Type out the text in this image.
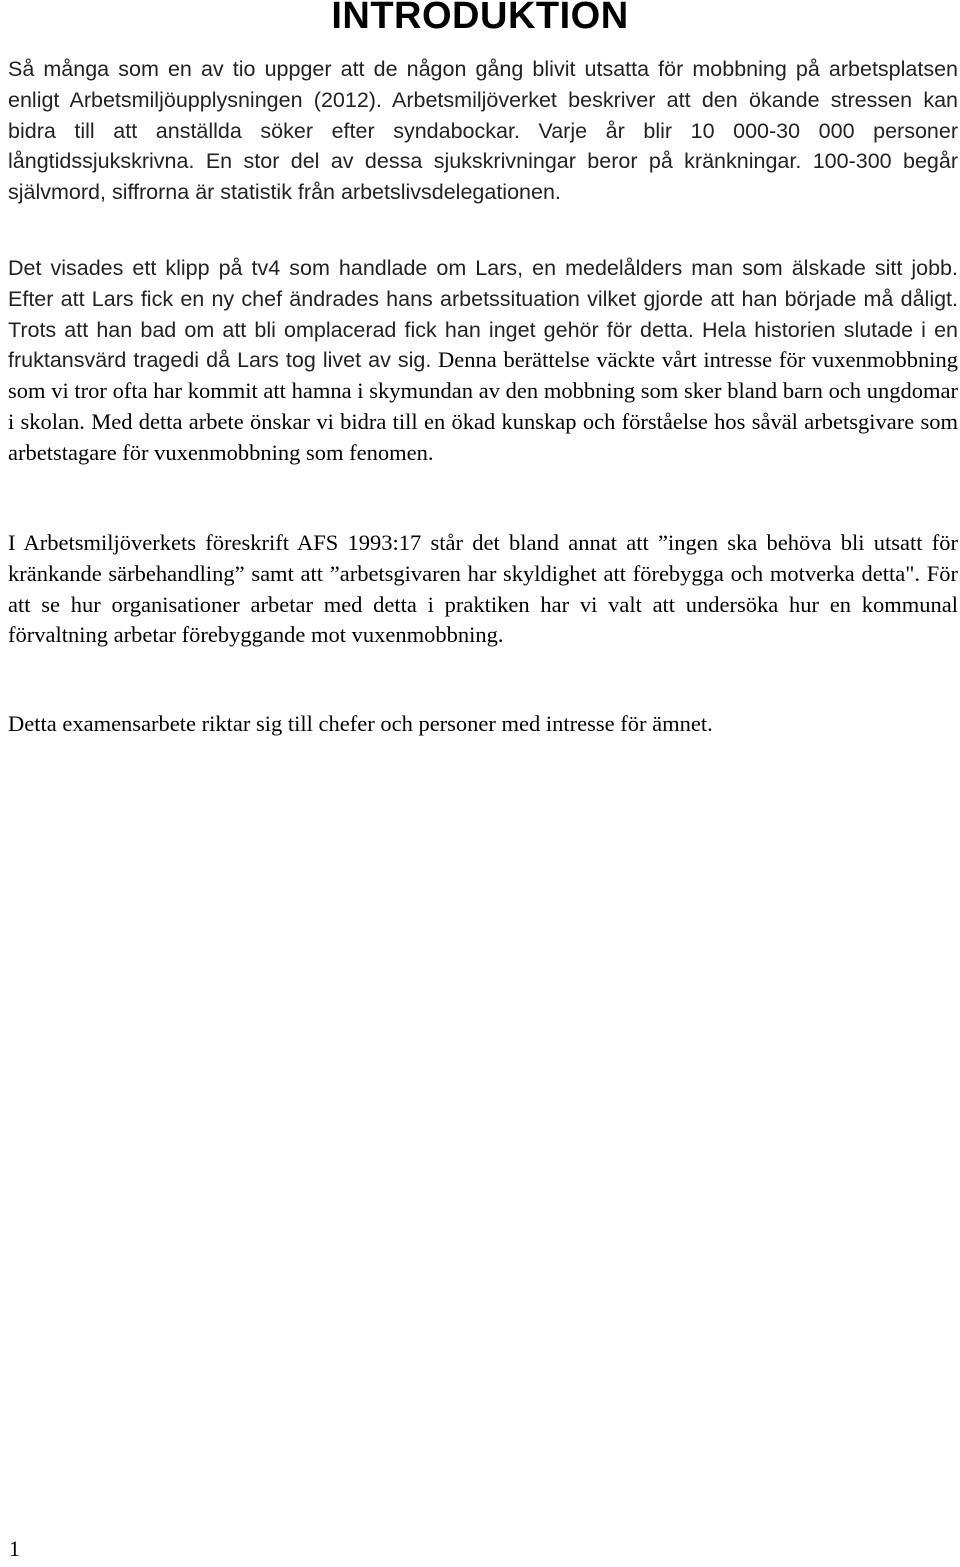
INTRODUKTION

Så många som en av tio uppger att de någon gång blivit utsatta för mobbning på arbetsplatsen enligt Arbetsmiljöupplysningen (2012). Arbetsmiljöverket beskriver att den ökande stressen kan bidra till att anställda söker efter syndabockar. Varje år blir 10 000-30 000 personer långtidssjukskrivna. En stor del av dessa sjukskrivningar beror på kränkningar. 100-300 begår självmord, siffrorna är statistik från arbetslivsdelegationen.

Det visades ett klipp på tv4 som handlade om Lars, en medelålders man som älskade sitt jobb. Efter att Lars fick en ny chef ändrades hans arbetssituation vilket gjorde att han började må dåligt. Trots att han bad om att bli omplacerad fick han inget gehör för detta. Hela historien slutade i en fruktansvärd tragedi då Lars tog livet av sig. Denna berättelse väckte vårt intresse för vuxenmobbning som vi tror ofta har kommit att hamna i skymundan av den mobbning som sker bland barn och ungdomar i skolan. Med detta arbete önskar vi bidra till en ökad kunskap och förståelse hos såväl arbetsgivare som arbetstagare för vuxenmobbning som fenomen.

I Arbetsmiljöverkets föreskrift AFS 1993:17 står det bland annat att ”ingen ska behöva bli utsatt för kränkande särbehandling” samt att ”arbetsgivaren har skyldighet att förebygga och motverka detta". För att se hur organisationer arbetar med detta i praktiken har vi valt att undersöka hur en kommunal förvaltning arbetar förebyggande mot vuxenmobbning.

Detta examensarbete riktar sig till chefer och personer med intresse för ämnet.

1
